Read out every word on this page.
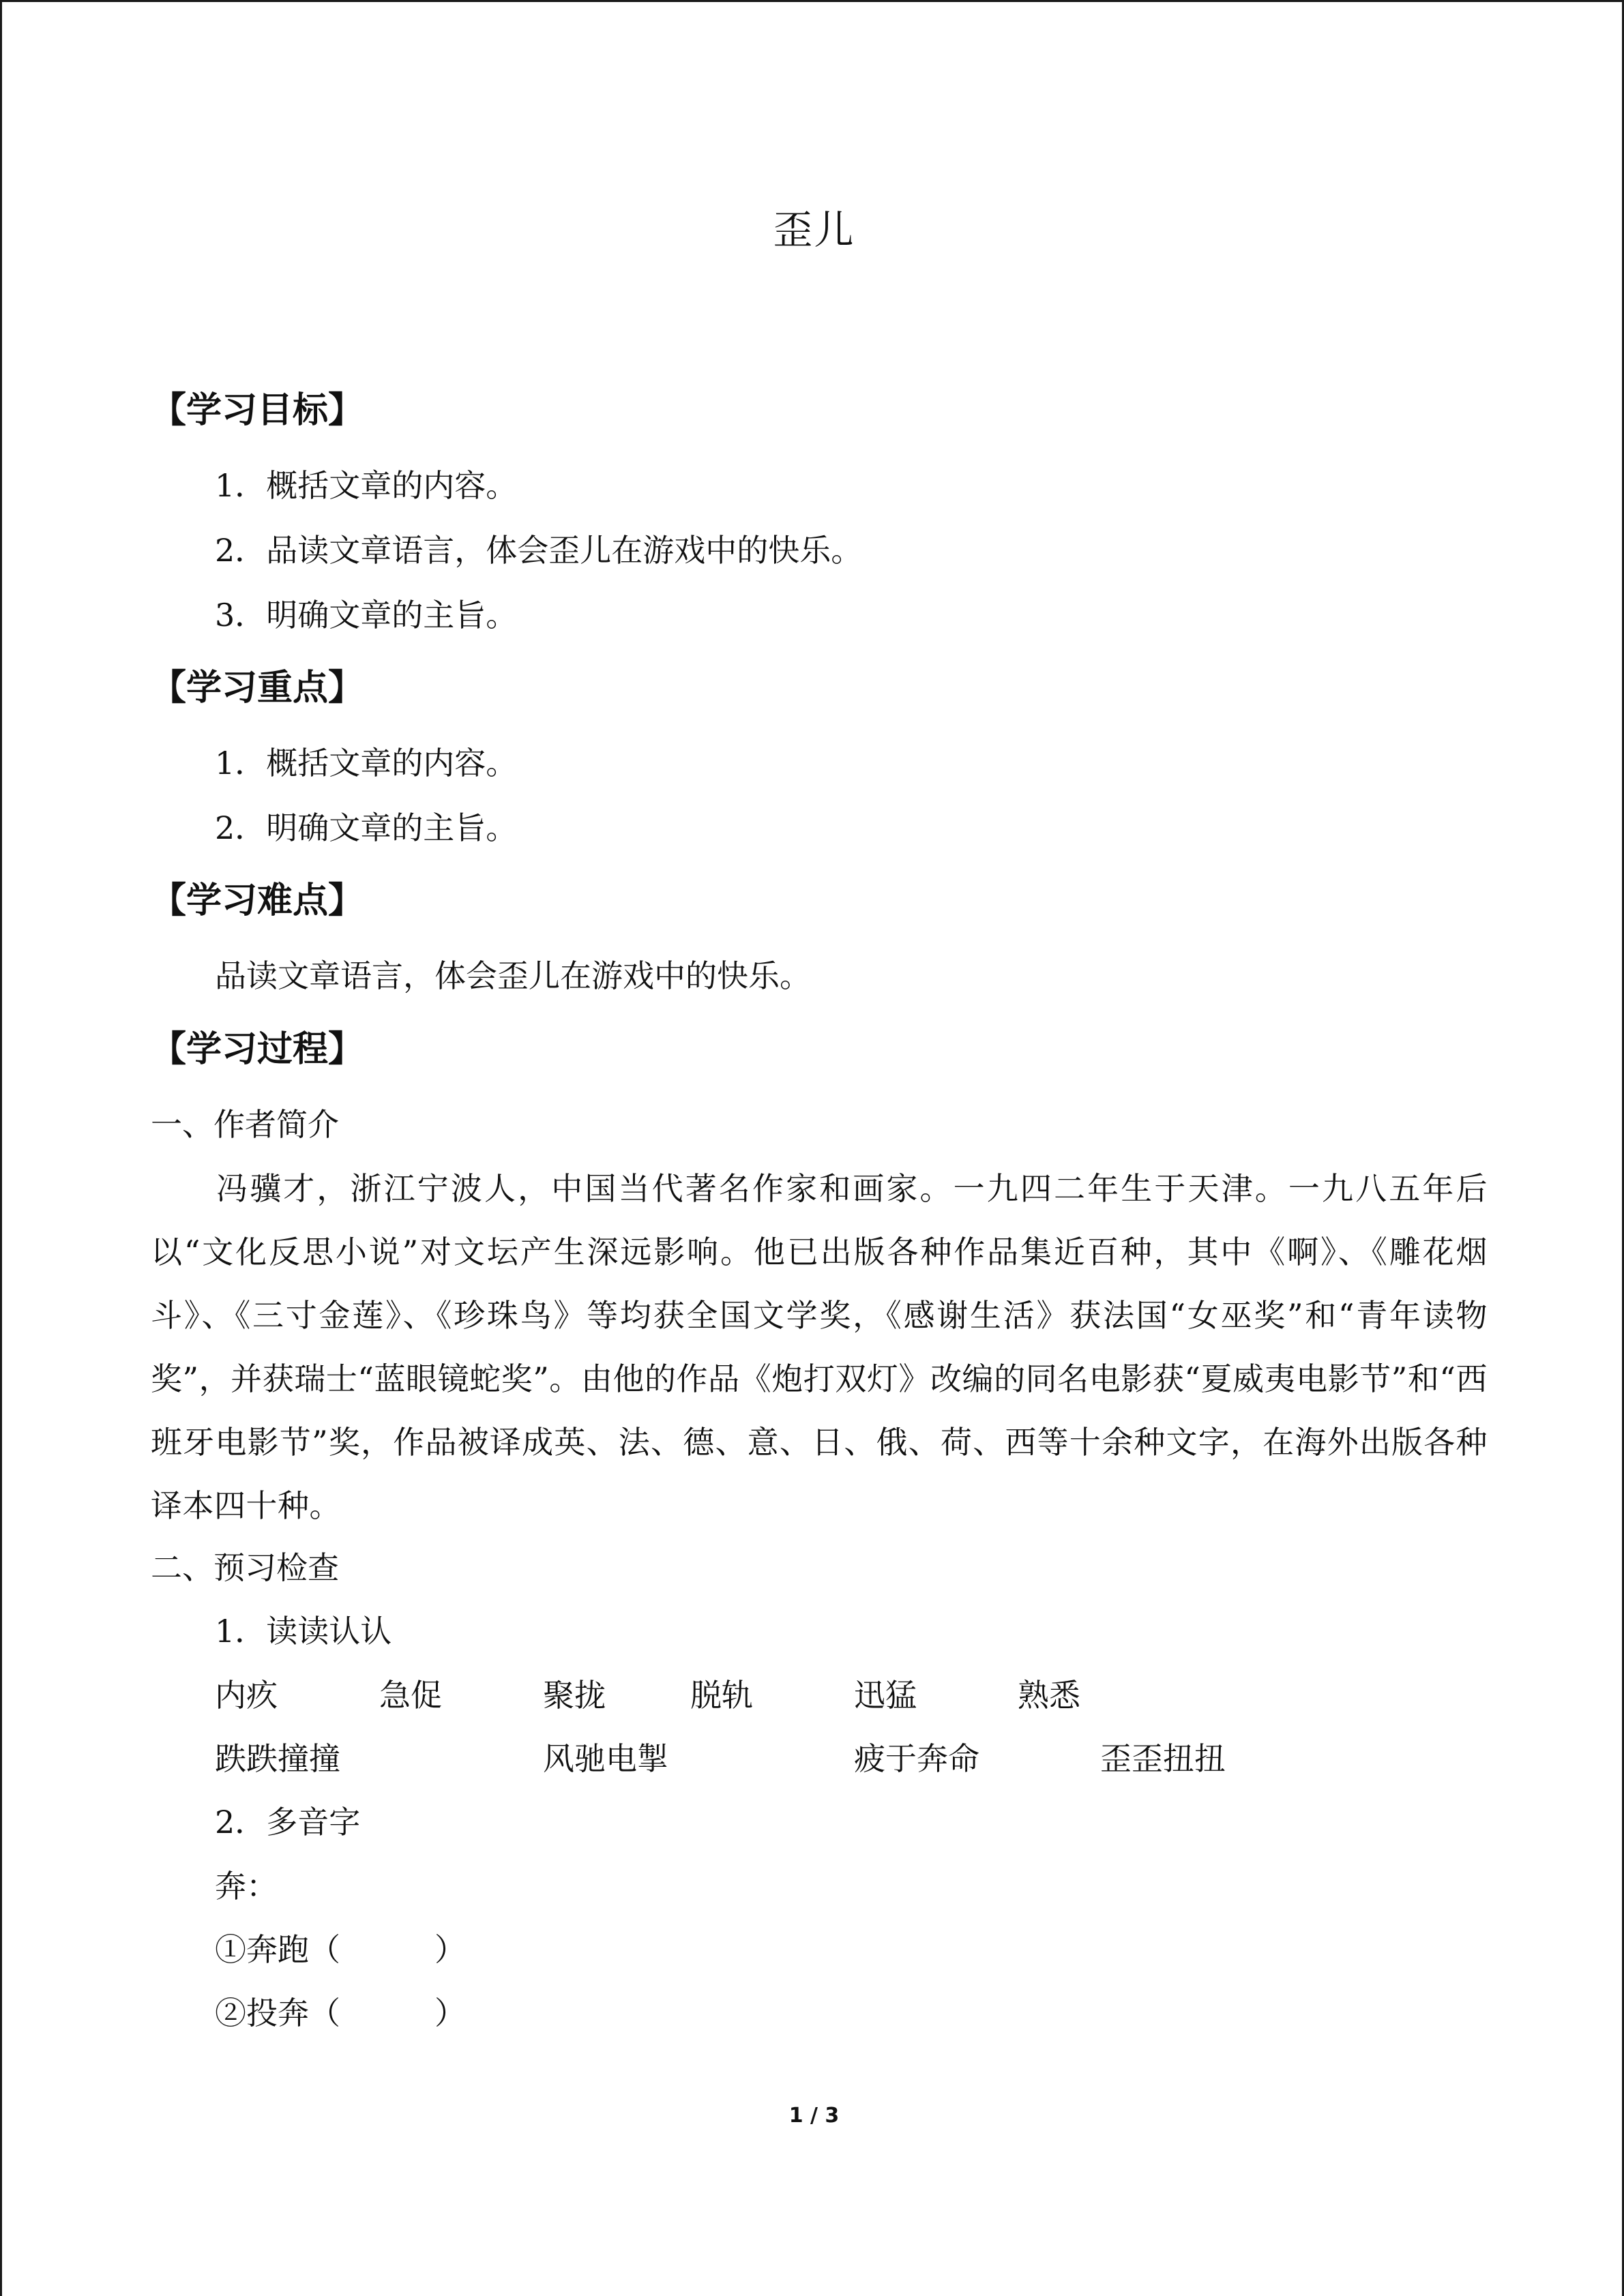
歪儿
【学习目标】
1．概括文章的内容。
2．品读文章语言，体会歪儿在游戏中的快乐。
3．明确文章的主旨。
【学习重点】
1．概括文章的内容。
2．明确文章的主旨。
【学习难点】
品读文章语言，体会歪儿在游戏中的快乐。
【学习过程】
一、作者简介
冯骥才，浙江宁波人，中国当代著名作家和画家。一九四二年生于天津。一九八五年后以“文化反思小说”对文坛产生深远影响。他已出版各种作品集近百种，其中《啊》、《雕花烟斗》、《三寸金莲》、《珍珠鸟》等均获全国文学奖，《感谢生活》获法国“女巫奖”和“青年读物奖”，并获瑞士“蓝眼镜蛇奖”。由他的作品《炮打双灯》改编的同名电影获“夏威夷电影节”和“西班牙电影节”奖，作品被译成英、法、德、意、日、俄、荷、西等十余种文字，在海外出版各种译本四十种。
二、预习检查
1．读读认认
内疚	急促	聚拢	脱轨	迅猛	熟悉
跌跌撞撞	风驰电掣	疲于奔命	歪歪扭扭
2．多音字
奔：
①奔跑（　　　）
②投奔（　　　）
1 / 3
